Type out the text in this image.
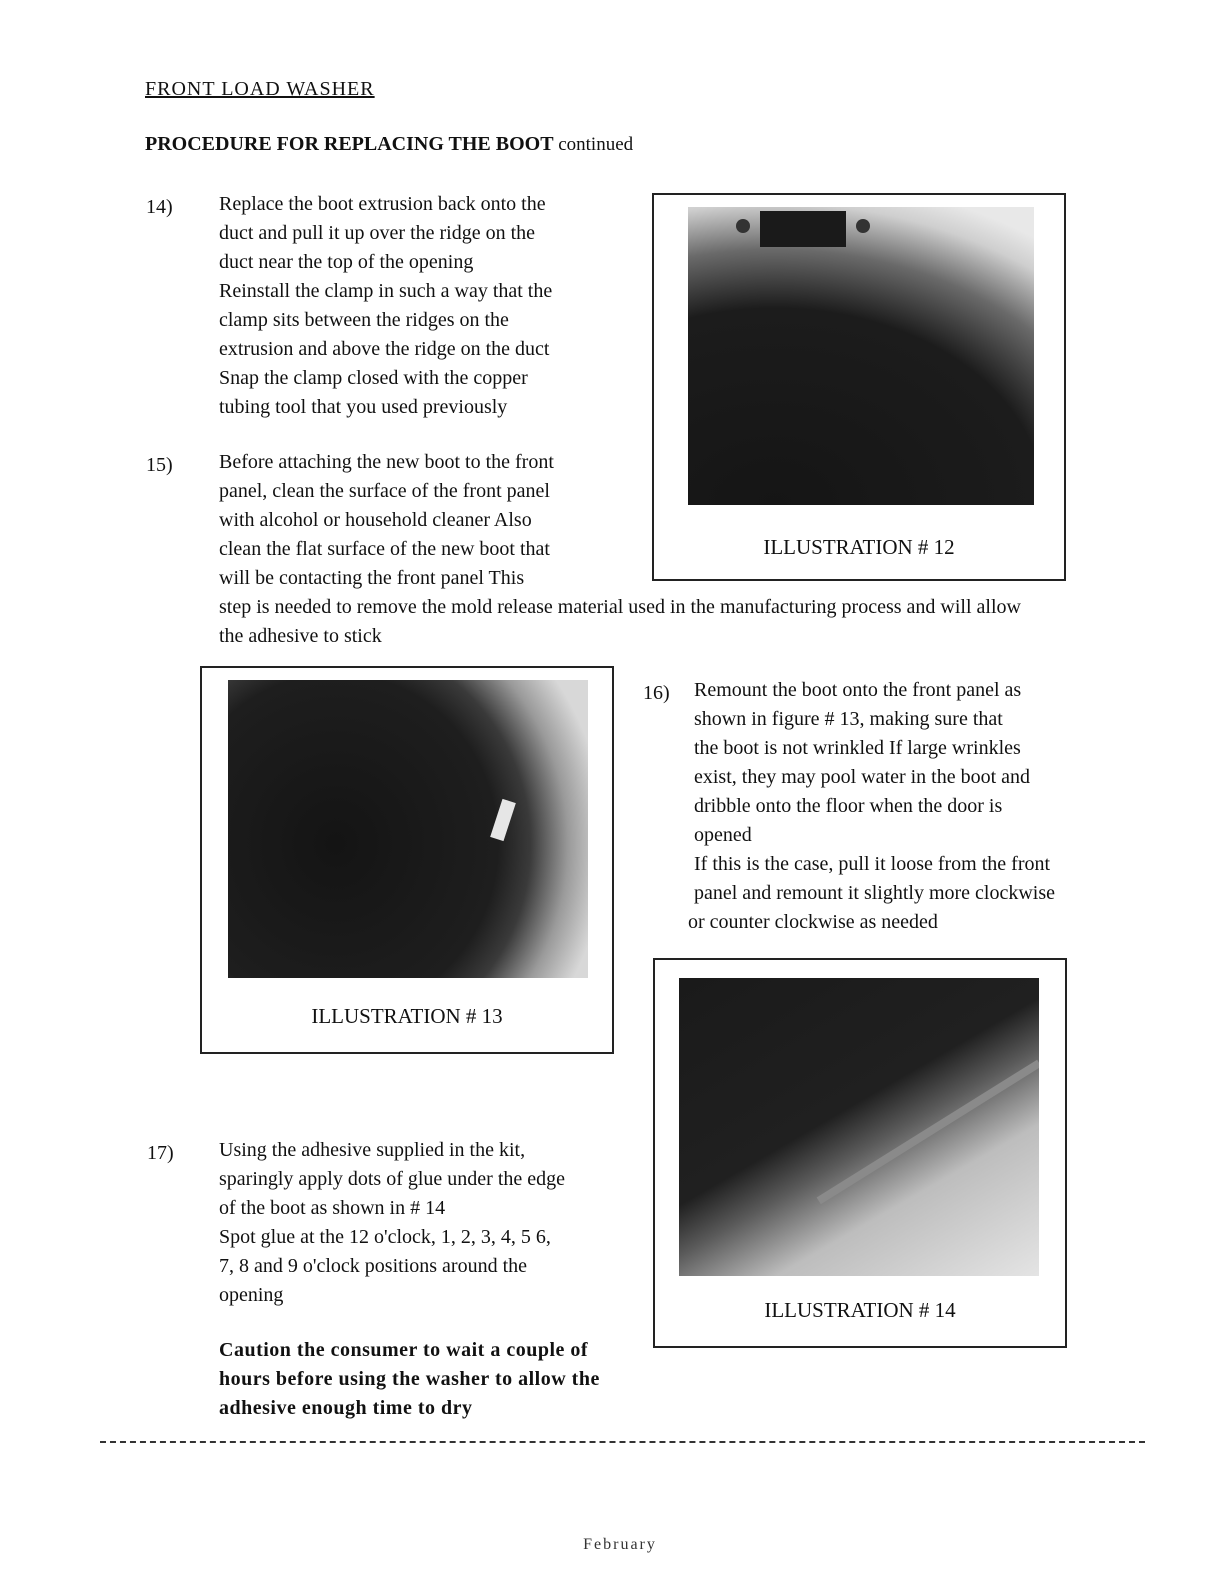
FRONT LOAD WASHER
PROCEDURE FOR REPLACING THE BOOT continued
14) Replace the boot extrusion back onto the

duct and pull it up over the ridge on the

duct near the top of the opening

Reinstall the clamp in such a way that the

clamp sits between the ridges on the

extrusion and above the ridge on the duct

Snap the clamp closed with the copper

tubing tool that you used previously

ILLUSTRATION # 12
15) Before attaching the new boot to the front

panel, clean the surface of the front panel

with alcohol or household cleaner Also

clean the flat surface of the new boot that

will be contacting the front panel This

step is needed to remove the mold release material used in the manufacturing process and will allow

the adhesive to stick

ILLUSTRATION # 13
16) Remount the boot onto the front panel as

shown in figure # 13, making sure that

the boot is not wrinkled If large wrinkles

exist, they may pool water in the boot and

dribble onto the floor when the door is

opened

If this is the case, pull it loose from the front

panel and remount it slightly more clockwise

or counter clockwise as needed

ILLUSTRATION # 14
17) Using the adhesive supplied in the kit,

sparingly apply dots of glue under the edge

of the boot as shown in # 14

Spot glue at the 12 o'clock, 1, 2, 3, 4, 5 6,

7, 8 and 9 o'clock positions around the

opening

Caution the consumer to wait a couple of
hours before using the washer to allow the
adhesive enough time to dry
February
